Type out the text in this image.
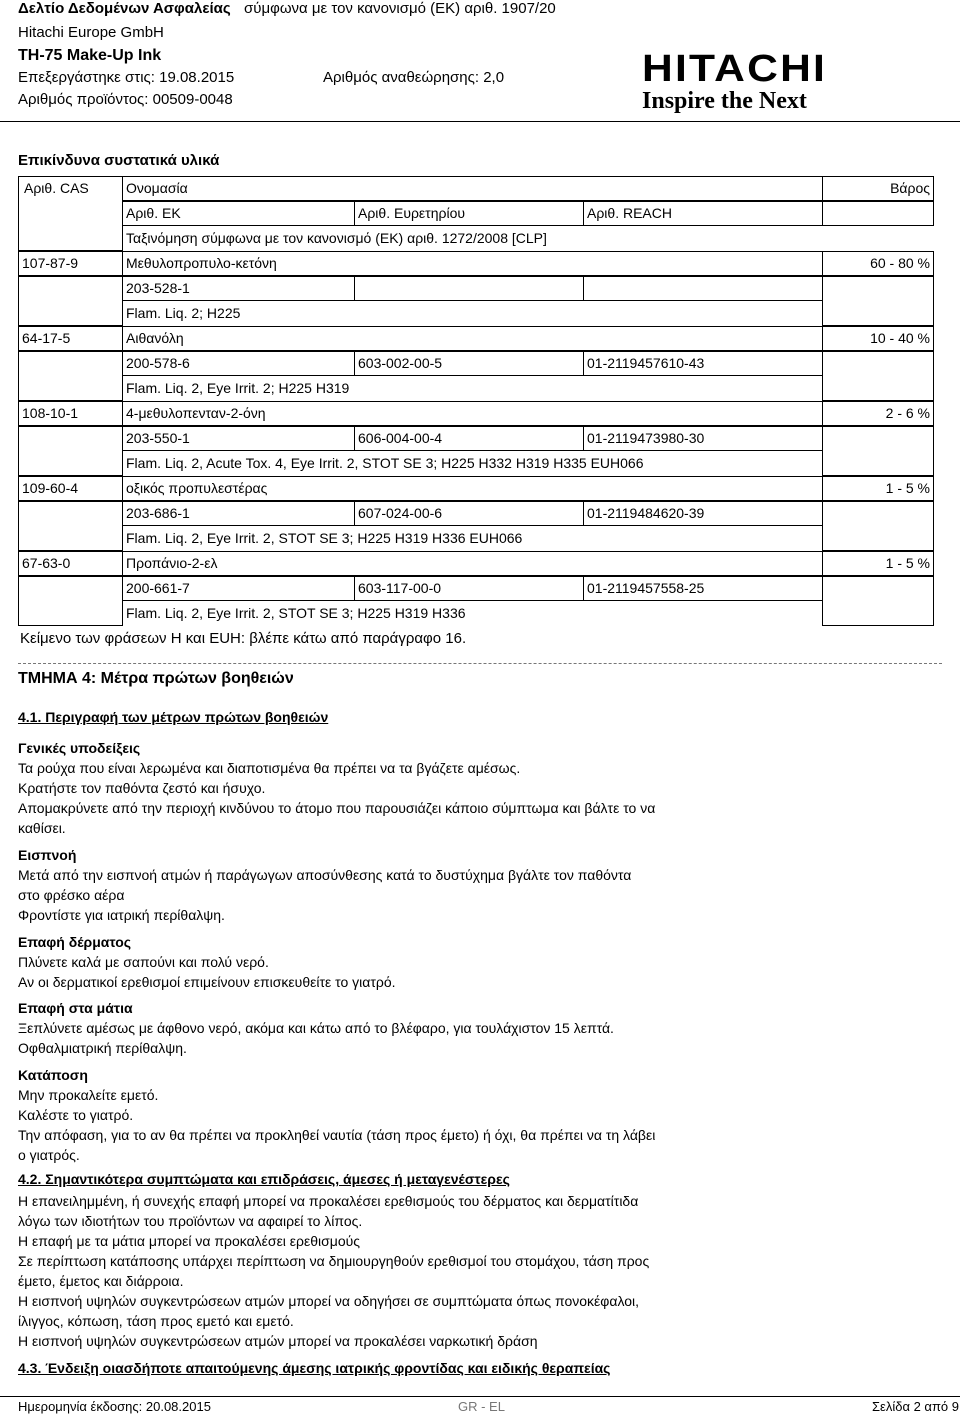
Δελτίο Δεδομένων Ασφαλείας σύμφωνα με τον κανονισμό (ΕΚ) αριθ. 1907/20
Hitachi Europe GmbH
TH-75 Make-Up Ink
Επεξεργάστηκε στις: 19.08.2015	Αριθμός αναθεώρησης: 2,0
Αριθμός προϊόντος: 00509-0048
HITACHI
Inspire the Next
Επικίνδυνα συστατικά υλικά
Αριθ. CAS	Ονομασία	Βάρος
Αριθ. ΕΚ	Αριθ. Ευρετηρίου	Αριθ. REACH
Ταξινόμηση σύμφωνα με τον κανονισμό (ΕΚ) αριθ. 1272/2008 [CLP]
107-87-9	Μεθυλοπροπυλο-κετόνη	60 - 80 %
203-528-1
Flam. Liq. 2; H225
64-17-5	Αιθανόλη	10 - 40 %
200-578-6	603-002-00-5	01-2119457610-43
Flam. Liq. 2, Eye Irrit. 2; H225 H319
108-10-1	4-μεθυλοπενταν-2-όνη	2 - 6 %
203-550-1	606-004-00-4	01-2119473980-30
Flam. Liq. 2, Acute Tox. 4, Eye Irrit. 2, STOT SE 3; H225 H332 H319 H335 EUH066
109-60-4	οξικός προπυλεστέρας	1 - 5 %
203-686-1	607-024-00-6	01-2119484620-39
Flam. Liq. 2, Eye Irrit. 2, STOT SE 3; H225 H319 H336 EUH066
67-63-0	Προπάνιο-2-ελ	1 - 5 %
200-661-7	603-117-00-0	01-2119457558-25
Flam. Liq. 2, Eye Irrit. 2, STOT SE 3; H225 H319 H336
Κείμενο των φράσεων H και EUH: βλέπε κάτω από παράγραφο 16.
ΤΜΗΜΑ 4: Μέτρα πρώτων βοηθειών
4.1. Περιγραφή των μέτρων πρώτων βοηθειών
Γενικές υποδείξεις
Τα ρούχα που είναι λερωμένα και διαποτισμένα θα πρέπει να τα βγάζετε αμέσως.
Κρατήστε τον παθόντα ζεστό και ήσυχο.
Απομακρύνετε από την περιοχή κινδύνου το άτομο που παρουσιάζει κάποιο σύμπτωμα και βάλτε το να
καθίσει.
Εισπνοή
Μετά από την εισπνοή ατμών ή παράγωγων αποσύνθεσης κατά το δυστύχημα βγάλτε τον παθόντα
στο φρέσκο αέρα
Φροντίστε για ιατρική περίθαλψη.
Επαφή δέρματος
Πλύνετε καλά με σαπούνι και πολύ νερό.
Αν οι δερματικοί ερεθισμοί επιμείνουν επισκευθείτε το γιατρό.
Επαφή στα μάτια
Ξεπλύνετε αμέσως με άφθονο νερό, ακόμα και κάτω από το βλέφαρο, για τουλάχιστον 15 λεπτά.
Οφθαλμιατρική περίθαλψη.
Κατάποση
Μην προκαλείτε εμετό.
Καλέστε το γιατρό.
Την απόφαση, για το αν θα πρέπει να προκληθεί ναυτία (τάση προς έμετο) ή όχι, θα πρέπει να τη λάβει
ο γιατρός.
4.2. Σημαντικότερα συμπτώματα και επιδράσεις, άμεσες ή μεταγενέστερες
Η επανειλημμένη, ή συνεχής επαφή μπορεί να προκαλέσει ερεθισμούς του δέρματος και δερματίτιδα
λόγω των ιδιοτήτων του προϊόντων να αφαιρεί το λίπος.
Η επαφή με τα μάτια μπορεί να προκαλέσει ερεθισμούς
Σε περίπτωση κατάποσης υπάρχει περίπτωση να δημιουργηθούν ερεθισμοί του στομάχου, τάση προς
έμετο, έμετος και διάρροια.
Η εισπνοή υψηλών συγκεντρώσεων ατμών μπορεί να οδηγήσει σε συμπτώματα όπως πονοκέφαλοι,
ίλιγγος, κόπωση, τάση προς εμετό και εμετό.
Η εισπνοή υψηλών συγκεντρώσεων ατμών μπορεί να προκαλέσει ναρκωτική δράση
4.3. Ένδειξη οιασδήποτε απαιτούμενης άμεσης ιατρικής φροντίδας και ειδικής θεραπείας
Ημερομηνία έκδοσης: 20.08.2015	GR - EL	Σελίδα 2 από 9
